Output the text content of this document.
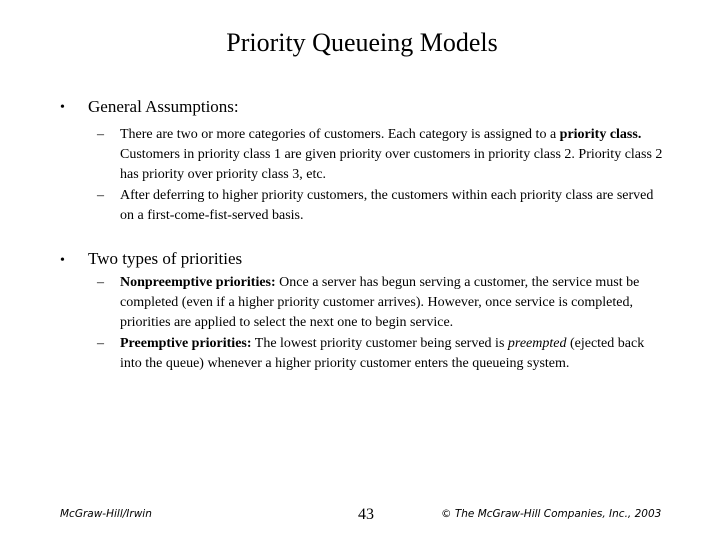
Priority Queueing Models
• General Assumptions:
–	There are two or more categories of customers. Each category is assigned to a priority class. Customers in priority class 1 are given priority over customers in priority class 2. Priority class 2 has priority over priority class 3, etc.
–	After deferring to higher priority customers, the customers within each priority class are served on a first-come-fist-served basis.
• Two types of priorities
–	Nonpreemptive priorities: Once a server has begun serving a customer, the service must be completed (even if a higher priority customer arrives). However, once service is completed, priorities are applied to select the next one to begin service.
–	Preemptive priorities: The lowest priority customer being served is preempted (ejected back into the queue) whenever a higher priority customer enters the queueing system.
McGraw-Hill/Irwin	43	© The McGraw-Hill Companies, Inc., 2003
